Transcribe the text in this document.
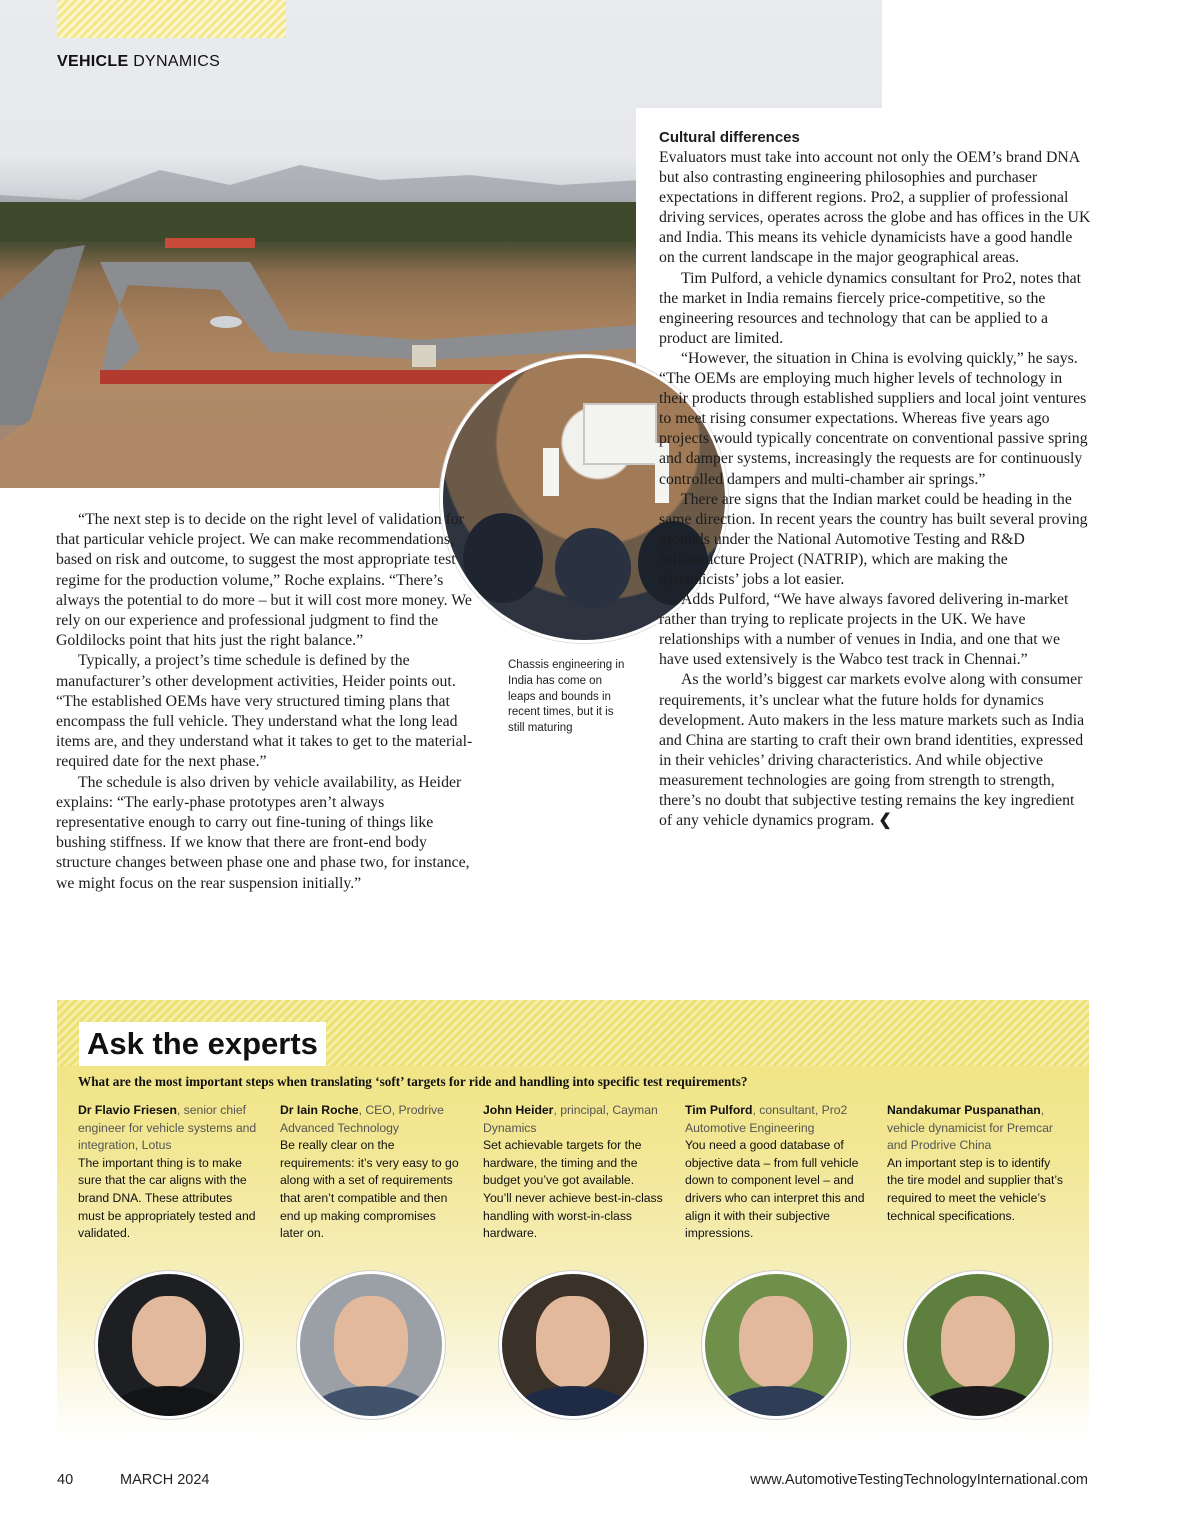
VEHICLE DYNAMICS
Chassis engineering in India has come on leaps and bounds in recent times, but it is still maturing

“The next step is to decide on the right level of validation for that particular vehicle project. We can make recommendations, based on risk and outcome, to suggest the most appropriate test regime for the production volume,” Roche explains. “There’s always the potential to do more – but it will cost more money. We rely on our experience and professional judgment to find the Goldilocks point that hits just the right balance.”

Typically, a project’s time schedule is defined by the manufacturer’s other development activities, Heider points out. “The established OEMs have very structured timing plans that encompass the full vehicle. They understand what the long lead items are, and they understand what it takes to get to the material-required date for the next phase.”

The schedule is also driven by vehicle availability, as Heider explains: “The early-phase prototypes aren’t always representative enough to carry out fine-tuning of things like bushing stiffness. If we know that there are front-end body structure changes between phase one and phase two, for instance, we might focus on the rear suspension initially.”

Cultural differences

Evaluators must take into account not only the OEM’s brand DNA but also contrasting engineering philosophies and purchaser expectations in different regions. Pro2, a supplier of professional driving services, operates across the globe and has offices in the UK and India. This means its vehicle dynamicists have a good handle on the current landscape in the major geographical areas.

Tim Pulford, a vehicle dynamics consultant for Pro2, notes that the market in India remains fiercely price-competitive, so the engineering resources and technology that can be applied to a product are limited.

“However, the situation in China is evolving quickly,” he says. “The OEMs are employing much higher levels of technology in their products through established suppliers and local joint ventures to meet rising consumer expectations. Whereas five years ago projects would typically concentrate on conventional passive spring and damper systems, increasingly the requests are for continuously controlled dampers and multi-chamber air springs.”

There are signs that the Indian market could be heading in the same direction. In recent years the country has built several proving grounds under the National Automotive Testing and R&D Infrastructure Project (NATRIP), which are making the dynamicists’ jobs a lot easier.

Adds Pulford, “We have always favored delivering in-market rather than trying to replicate projects in the UK. We have relationships with a number of venues in India, and one that we have used extensively is the Wabco test track in Chennai.”

As the world’s biggest car markets evolve along with consumer requirements, it’s unclear what the future holds for dynamics development. Auto makers in the less mature markets such as India and China are starting to craft their own brand identities, expressed in their vehicles’ driving characteristics. And while objective measurement technologies are going from strength to strength, there’s no doubt that subjective testing remains the key ingredient of any vehicle dynamics program. ❮

Ask the experts
What are the most important steps when translating ‘soft’ targets for ride and handling into specific test requirements?
Dr Flavio Friesen, senior chief engineer for vehicle systems and integration, Lotus
The important thing is to make sure that the car aligns with the brand DNA. These attributes must be appropriately tested and validated.
Dr Iain Roche, CEO, Prodrive Advanced Technology
Be really clear on the requirements: it’s very easy to go along with a set of requirements that aren’t compatible and then end up making compromises later on.
John Heider, principal, Cayman Dynamics
Set achievable targets for the hardware, the timing and the budget you’ve got available. You’ll never achieve best-in-class handling with worst-in-class hardware.
Tim Pulford, consultant, Pro2 Automotive Engineering
You need a good database of objective data – from full vehicle down to component level – and drivers who can interpret this and align it with their subjective impressions.
Nandakumar Puspanathan, vehicle dynamicist for Premcar and Prodrive China
An important step is to identify the tire model and supplier that’s required to meet the vehicle’s technical specifications.
40	MARCH 2024	www.AutomotiveTestingTechnologyInternational.com
